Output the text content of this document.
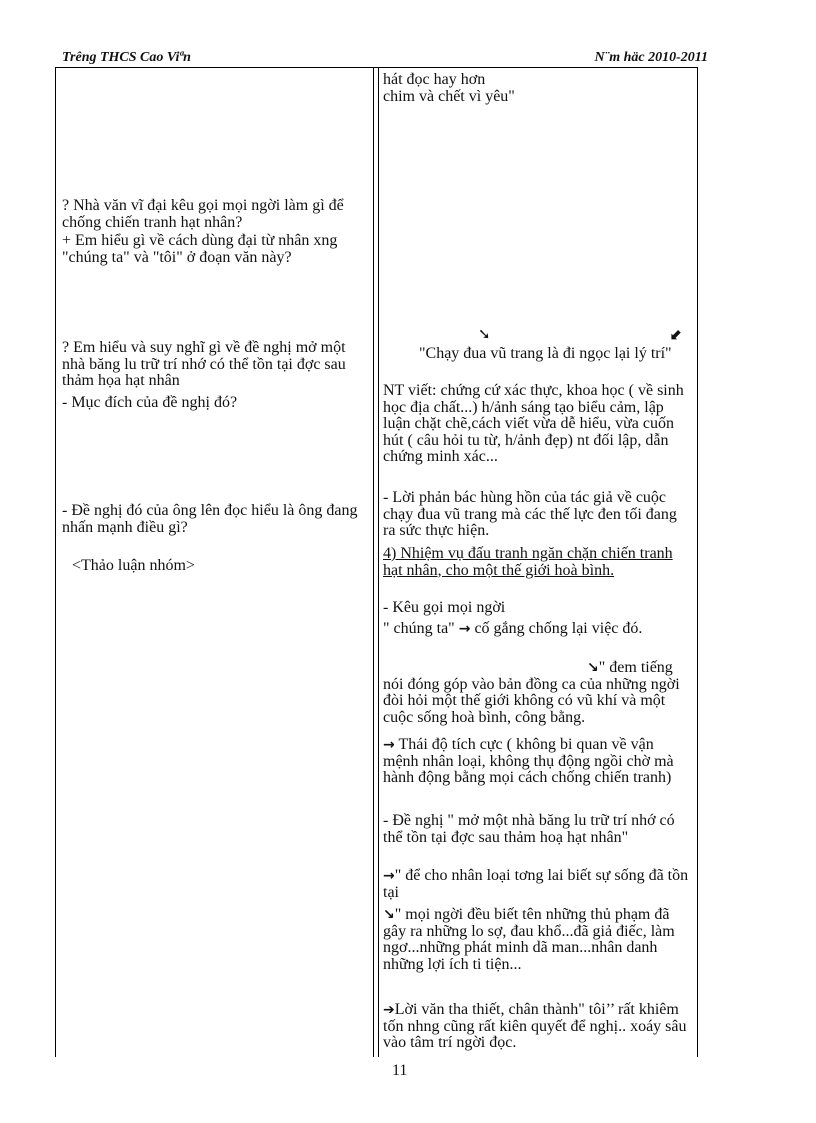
Trêng THCS Cao Viªn	N¨m häc 2010-2011
? Nhà văn vĩ đại kêu gọi mọi ngời làm gì để chống chiến tranh hạt nhân?
+ Em hiểu gì về cách dùng đại từ nhân xng "chúng ta" và "tôi" ở đoạn văn này?
? Em hiểu và suy nghĩ gì về đề nghị mở một nhà băng lu trữ trí nhớ có thể tồn tại đợc sau thảm họa hạt nhân
- Mục đích của đề nghị đó?
- Đề nghị đó của ông lên đọc hiểu là ông đang nhấn mạnh điều gì?
<Thảo luận nhóm>
hát đọc hay hơn
chim và chết vì yêu"
➘	⬋
"Chạy đua vũ trang là đi ngọc lại lý trí"
NT viết: chứng cứ xác thực, khoa học ( về sinh học địa chất...) h/ảnh sáng tạo biểu cảm, lập luận chặt chẽ,cách viết vừa dễ hiểu, vừa cuốn hút ( câu hỏi tu từ, h/ảnh đẹp) nt đối lập, dẫn chứng minh xác...
- Lời phản bác hùng hồn của tác giả về cuộc chạy đua vũ trang mà các thế lực đen tối đang ra sức thực hiện.
4) Nhiệm vụ đấu tranh ngăn chặn chiến tranh hạt nhân, cho một thế giới hoà bình.
- Kêu gọi mọi ngời
" chúng ta" → cố gắng chống lại việc đó.
↘" đem tiếng nói đóng góp vào bản đồng ca của những ngời đòi hỏi một thế giới không có vũ khí và một cuộc sống hoà bình, công bằng.
→ Thái độ tích cực ( không bi quan về vận mệnh nhân loại, không thụ động ngồi chờ mà hành động bằng mọi cách chống chiến tranh)
- Đề nghị " mở một nhà băng lu trữ trí nhớ có thể tồn tại đợc sau thảm hoạ hạt nhân"
→" để cho nhân loại tơng lai biết sự sống đã tồn tại
↘" mọi ngời đều biết tên những thủ phạm đã gây ra những lo sợ, đau khổ...đã giả điếc, làm ngơ...những phát minh dã man...nhân danh những lợi ích ti tiện...
➔Lời văn tha thiết, chân thành" tôi’’ rất khiêm tốn nhng cũng rất kiên quyết để nghị.. xoáy sâu vào tâm trí ngời đọc.
11
